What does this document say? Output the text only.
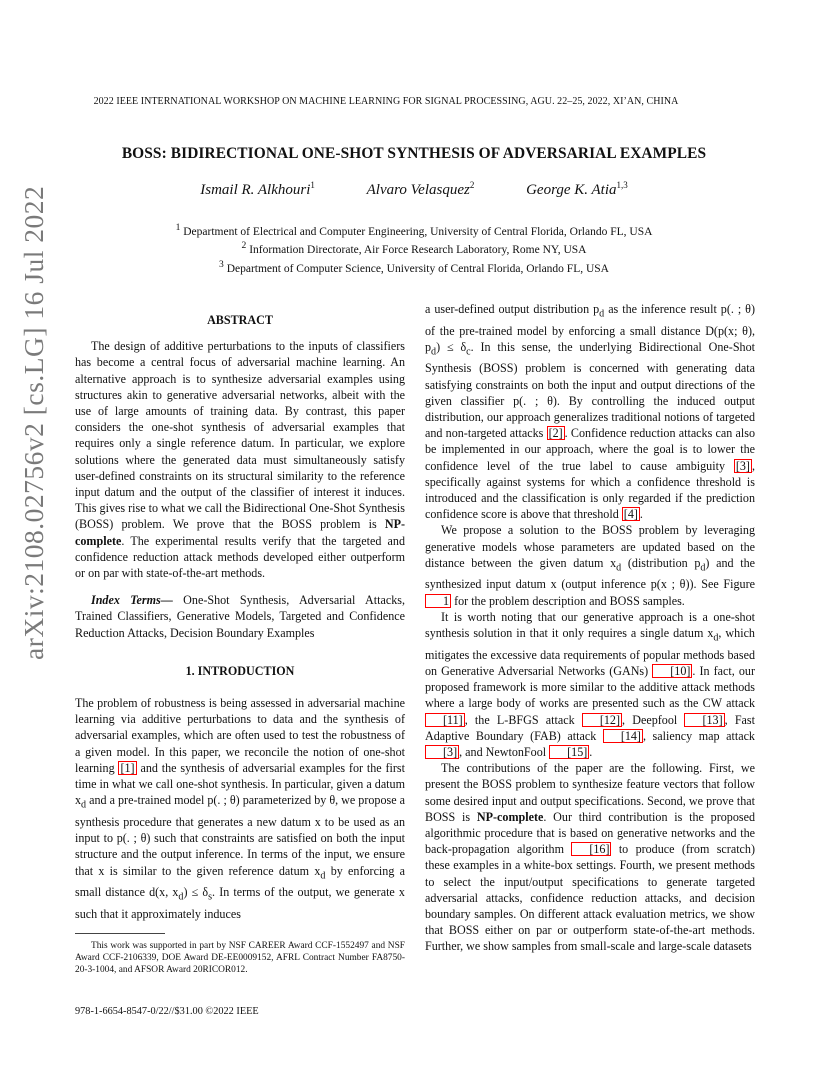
2022 IEEE INTERNATIONAL WORKSHOP ON MACHINE LEARNING FOR SIGNAL PROCESSING, AGU. 22–25, 2022, XI’AN, CHINA
arXiv:2108.02756v2 [cs.LG] 16 Jul 2022
BOSS: BIDIRECTIONAL ONE-SHOT SYNTHESIS OF ADVERSARIAL EXAMPLES
Ismail R. Alkhouri$^1$	Alvaro Velasquez$^2$	George K. Atia$^{1,3}$
$^1$ Department of Electrical and Computer Engineering, University of Central Florida, Orlando FL, USA
$^2$ Information Directorate, Air Force Research Laboratory, Rome NY, USA
$^3$ Department of Computer Science, University of Central Florida, Orlando FL, USA
ABSTRACT

The design of additive perturbations to the inputs of classifiers has become a central focus of adversarial machine learning. An alternative approach is to synthesize adversarial examples using structures akin to generative adversarial networks, albeit with the use of large amounts of training data. By contrast, this paper considers the one-shot synthesis of adversarial examples that requires only a single reference datum. In particular, we explore solutions where the generated data must simultaneously satisfy user-defined constraints on its structural similarity to the reference input datum and the output of the classifier of interest it induces. This gives rise to what we call the Bidirectional One-Shot Synthesis (BOSS) problem. We prove that the BOSS problem is NP-complete. The experimental results verify that the targeted and confidence reduction attack methods developed either outperform or on par with state-of-the-art methods.

Index Terms— One-Shot Synthesis, Adversarial Attacks, Trained Classifiers, Generative Models, Targeted and Confidence Reduction Attacks, Decision Boundary Examples

1. INTRODUCTION

The problem of robustness is being assessed in adversarial machine learning via additive perturbations to data and the synthesis of adversarial examples, which are often used to test the robustness of a given model. In this paper, we reconcile the notion of one-shot learning [1] and the synthesis of adversarial examples for the first time in what we call one-shot synthesis. In particular, given a datum $x_d$ and a pre-trained model p(. ; θ) parameterized by θ, we propose a synthesis procedure that generates a new datum x to be used as an input to p(. ; θ) such that constraints are satisfied on both the input structure and the output inference. In terms of the input, we ensure that x is similar to the given reference datum $x_d$ by enforcing a small distance d(x, $x_d) \le \delta_s$. In terms of the output, we generate x such that it approximately induces

a user-defined output distribution $p_d$ as the inference result p(. ; θ) of the pre-trained model by enforcing a small distance D(p(x; θ), $p_d) \le \delta_c$. In this sense, the underlying Bidirectional One-Shot Synthesis (BOSS) problem is concerned with generating data satisfying constraints on both the input and output directions of the given classifier p(. ; θ). By controlling the induced output distribution, our approach generalizes traditional notions of targeted and non-targeted attacks [2] . Confidence reduction attacks can also be implemented in our approach, where the goal is to lower the confidence level of the true label to cause ambiguity [3] , specifically against systems for which a confidence threshold is introduced and the classification is only regarded if the prediction confidence score is above that threshold [4] .

We propose a solution to the BOSS problem by leveraging generative models whose parameters are updated based on the distance between the given datum $x_d$ (distribution $p_d$) and the synthesized input datum x (output inference p(x ; θ)). See Figure 1 for the problem description and BOSS samples.

It is worth noting that our generative approach is a one-shot synthesis solution in that it only requires a single datum $x_d$, which mitigates the excessive data requirements of popular methods based on Generative Adversarial Networks (GANs) [10] . In fact, our proposed framework is more similar to the additive attack methods where a large body of works are presented such as the CW attack [11] , the L-BFGS attack [12] , Deepfool [13] , Fast Adaptive Boundary (FAB) attack [14] , saliency map attack [3] , and NewtonFool [15] .

The contributions of the paper are the following. First, we present the BOSS problem to synthesize feature vectors that follow some desired input and output specifications. Second, we prove that BOSS is NP-complete. Our third contribution is the proposed algorithmic procedure that is based on generative networks and the back-propagation algorithm [16] to produce (from scratch) these examples in a white-box settings. Fourth, we present methods to select the input/output specifications to generate targeted adversarial attacks, confidence reduction attacks, and decision boundary samples. On different attack evaluation metrics, we show that BOSS either on par or outperform state-of-the-art methods. Further, we show samples from small-scale and large-scale datasets

This work was supported in part by NSF CAREER Award CCF-1552497 and NSF Award CCF-2106339, DOE Award DE-EE0009152, AFRL Contract Number FA8750-20-3-1004, and AFSOR Award 20RICOR012.
978-1-6654-8547-0/22//$31.00 ©2022 IEEE
